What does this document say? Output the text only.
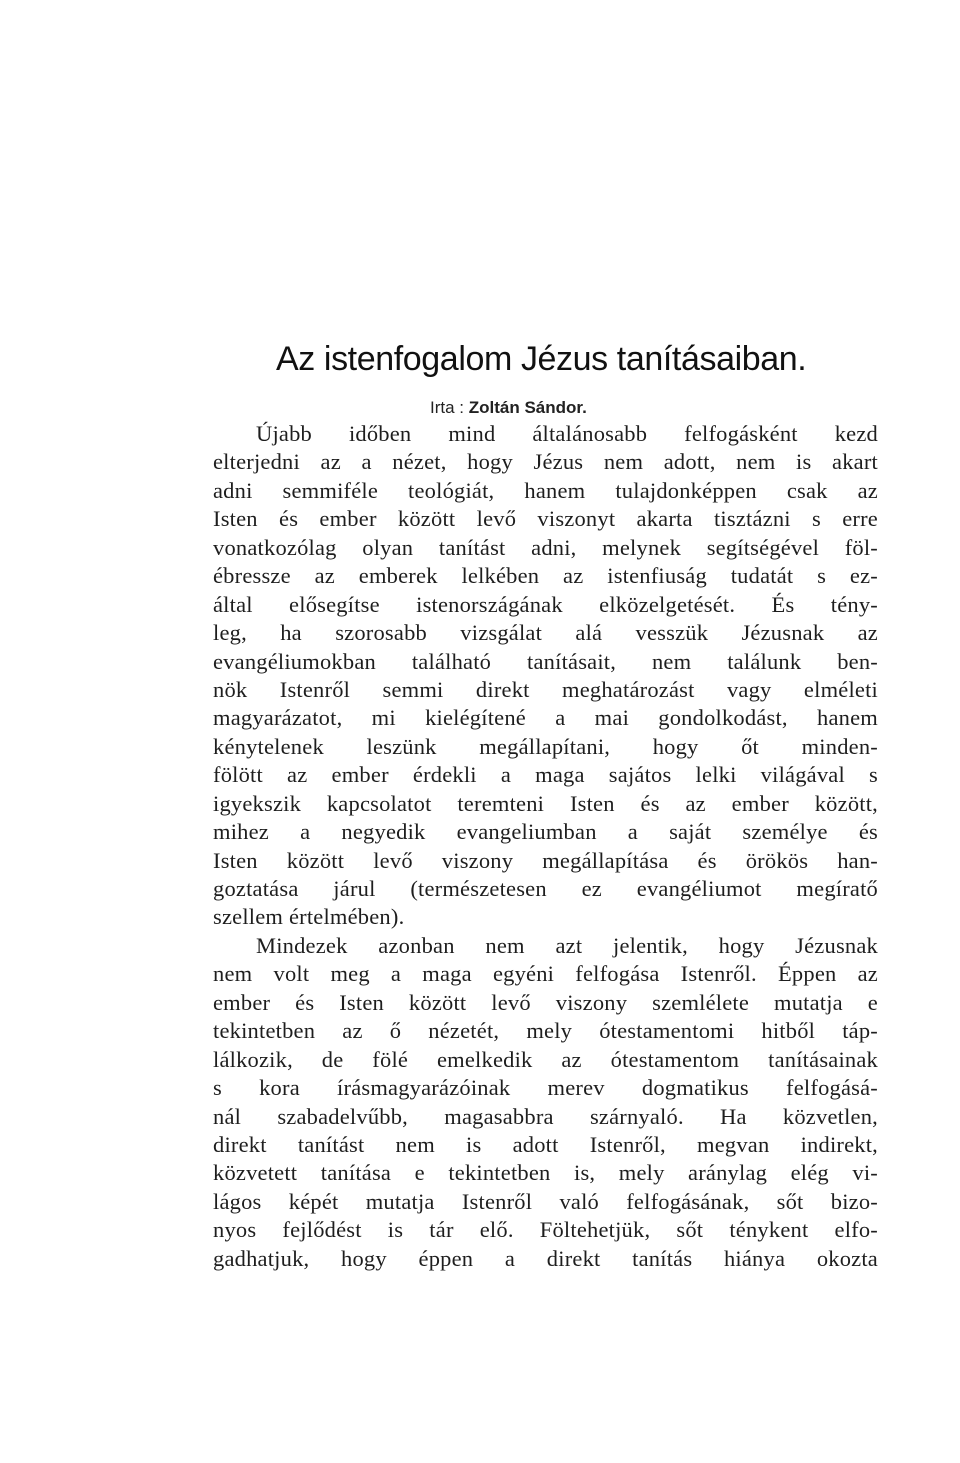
Az istenfogalom Jézus tanításaiban.
Irta : Zoltán Sándor.
Újabb időben mind általánosabb felfogásként kezd
elterjedni az a nézet, hogy Jézus nem adott, nem is akart
adni semmiféle teológiát, hanem tulajdonképpen csak az
Isten és ember között levő viszonyt akarta tisztázni s erre
vonatkozólag olyan tanítást adni, melynek segítségével föl-
ébressze az emberek lelkében az istenfiuság tudatát s ez-
által elősegítse istenországának elközelgetését. És tény-
leg, ha szorosabb vizsgálat alá vesszük Jézusnak az
evangéliumokban található tanításait, nem találunk ben-
nök Istenről semmi direkt meghatározást vagy elméleti
magyarázatot, mi kielégítené a mai gondolkodást, hanem
kénytelenek leszünk megállapítani, hogy őt minden-
fölött az ember érdekli a maga sajátos lelki világával s
igyekszik kapcsolatot teremteni Isten és az ember között,
mihez a negyedik evangeliumban a saját személye és
Isten között levő viszony megállapítása és örökös han-
goztatása járul (természetesen ez evangéliumot megíratő
szellem értelmében).
Mindezek azonban nem azt jelentik, hogy Jézusnak
nem volt meg a maga egyéni felfogása Istenről. Éppen az
ember és Isten között levő viszony szemlélete mutatja e
tekintetben az ő nézetét, mely ótestamentomi hitből táp-
lálkozik, de fölé emelkedik az ótestamentom tanításainak
s kora írásmagyarázóinak merev dogmatikus felfogásá-
nál szabadelvűbb, magasabbra szárnyaló. Ha közvetlen,
direkt tanítást nem is adott Istenről, megvan indirekt,
közvetett tanítása e tekintetben is, mely aránylag elég vi-
lágos képét mutatja Istenről való felfogásának, sőt bizo-
nyos fejlődést is tár elő. Föltehetjük, sőt ténykent elfo-
gadhatjuk, hogy éppen a direkt tanítás hiánya okozta
